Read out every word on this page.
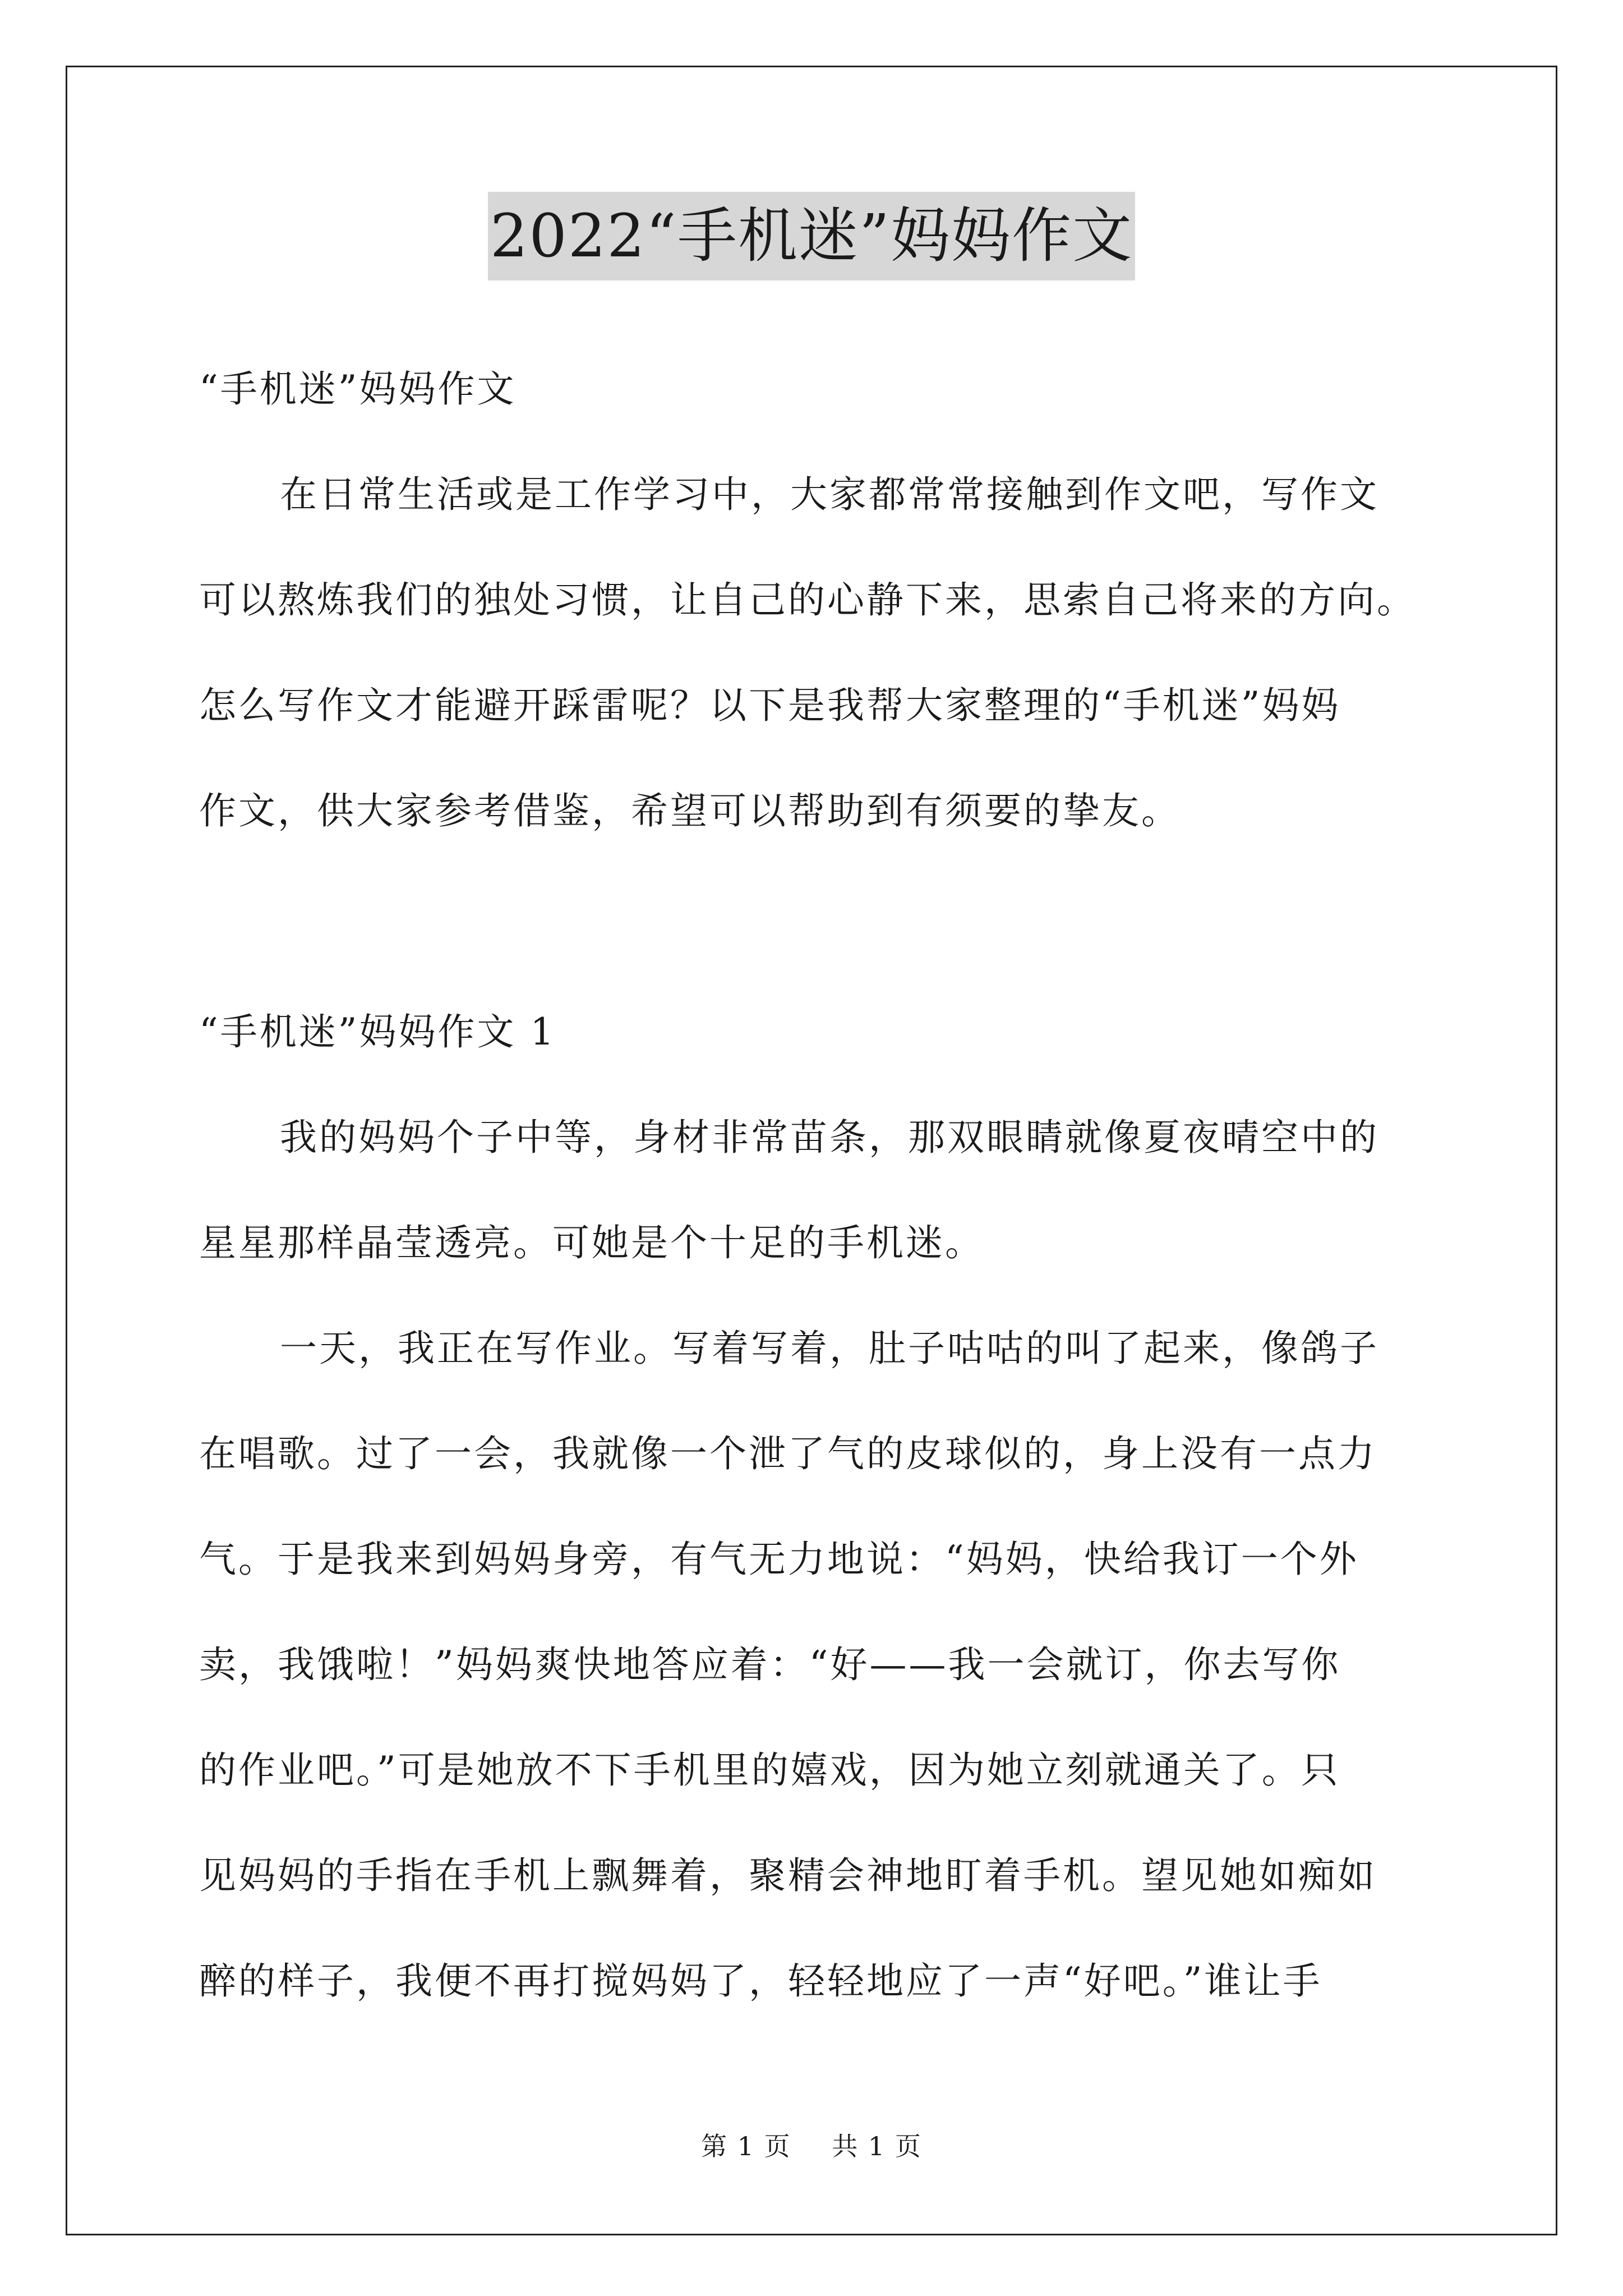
2022“手机迷”妈妈作文
“手机迷”妈妈作文
在日常生活或是工作学习中，大家都常常接触到作文吧，写作文
可以熬炼我们的独处习惯，让自己的心静下来，思索自己将来的方向。
怎么写作文才能避开踩雷呢？以下是我帮大家整理的“手机迷”妈妈
作文，供大家参考借鉴，希望可以帮助到有须要的挚友。
“手机迷”妈妈作文 1
我的妈妈个子中等，身材非常苗条，那双眼睛就像夏夜晴空中的
星星那样晶莹透亮。可她是个十足的手机迷。
一天，我正在写作业。写着写着，肚子咕咕的叫了起来，像鸽子
在唱歌。过了一会，我就像一个泄了气的皮球似的，身上没有一点力
气。于是我来到妈妈身旁，有气无力地说：“妈妈，快给我订一个外
卖，我饿啦！”妈妈爽快地答应着：“好——我一会就订，你去写你
的作业吧。”可是她放不下手机里的嬉戏，因为她立刻就通关了。只
见妈妈的手指在手机上飘舞着，聚精会神地盯着手机。望见她如痴如
醉的样子，我便不再打搅妈妈了，轻轻地应了一声“好吧。”谁让手
第 1 页 共 1 页
